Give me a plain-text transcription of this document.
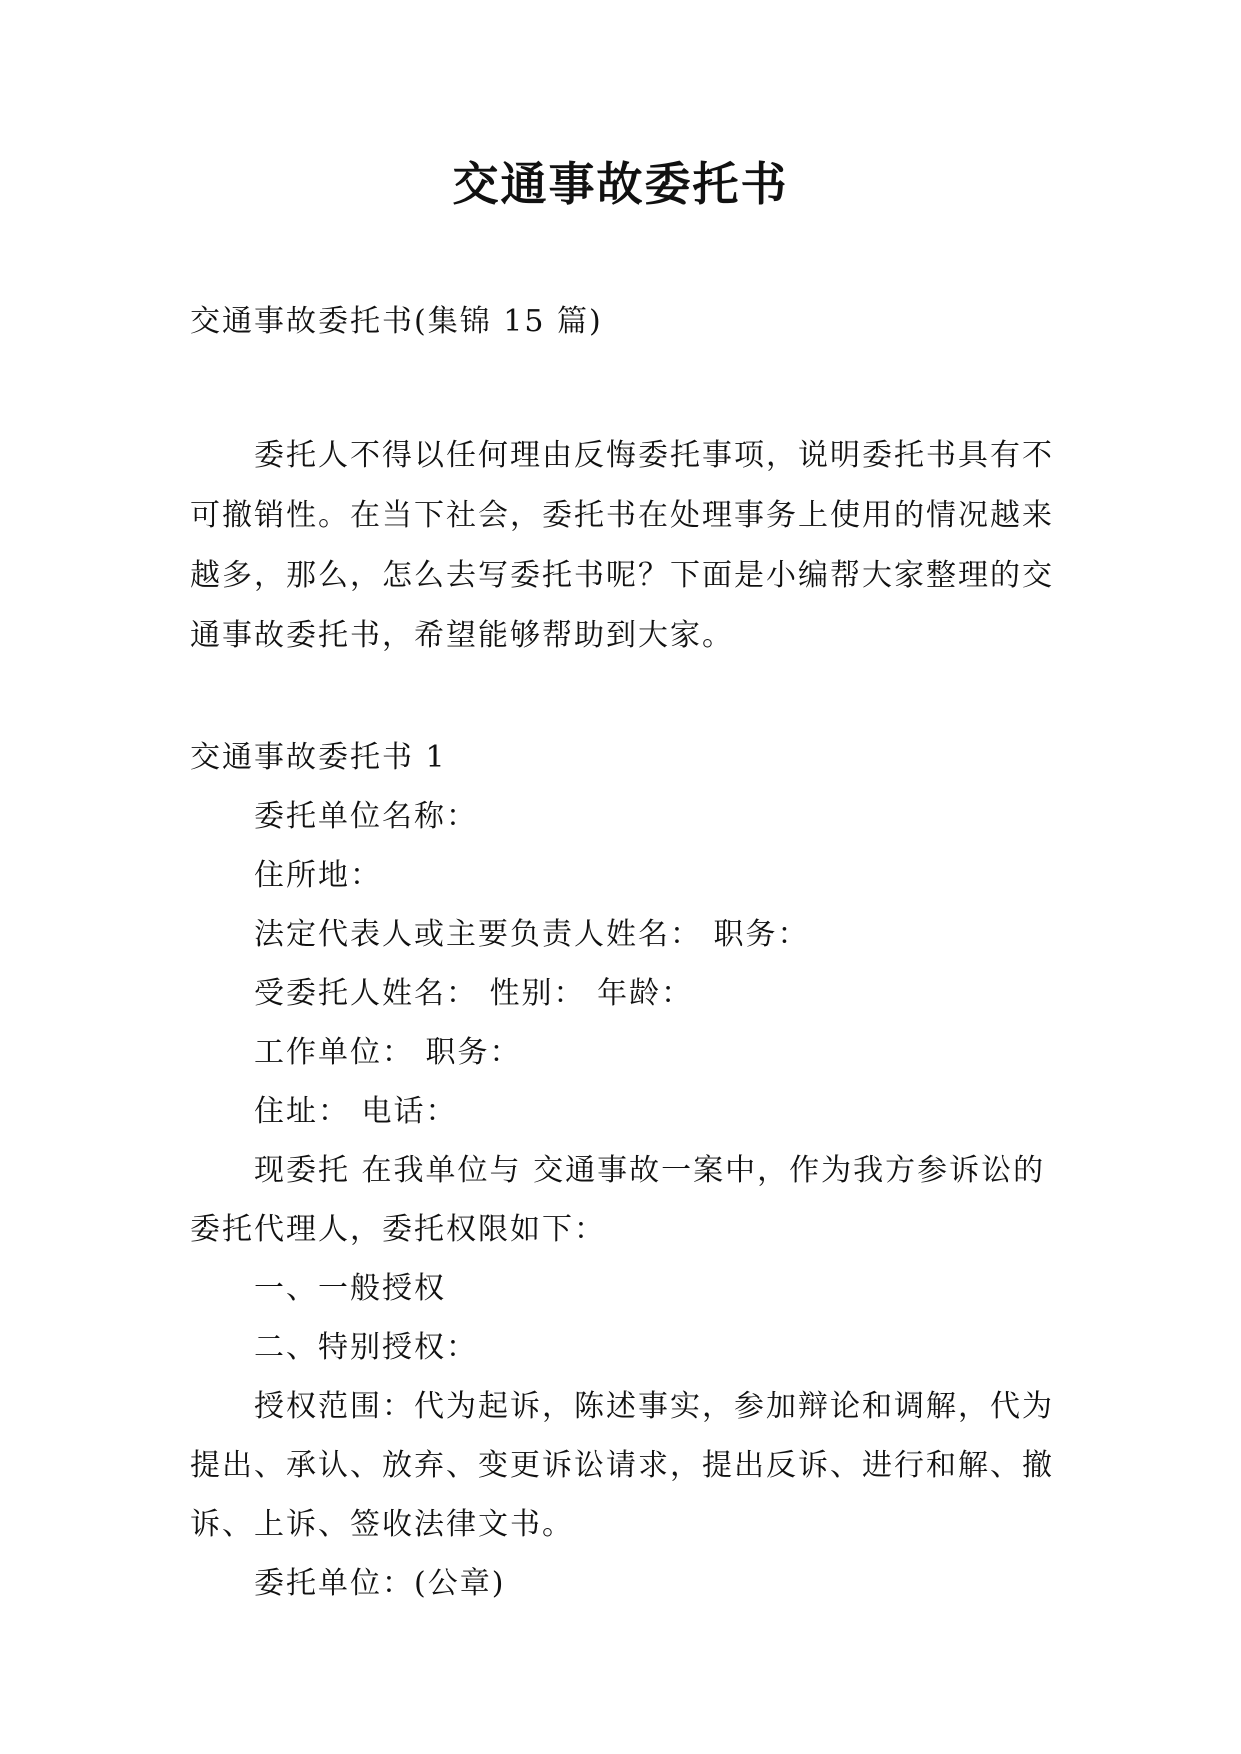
交通事故委托书

交通事故委托书(集锦 15 篇)

委托人不得以任何理由反悔委托事项，说明委托书具有不可撤销性。在当下社会，委托书在处理事务上使用的情况越来越多，那么，怎么去写委托书呢？下面是小编帮大家整理的交通事故委托书，希望能够帮助到大家。

交通事故委托书 1

委托单位名称：

住所地：

法定代表人或主要负责人姓名： 职务：

受委托人姓名： 性别： 年龄：

工作单位： 职务：

住址： 电话：

现委托 在我单位与 交通事故一案中，作为我方参诉讼的委托代理人，委托权限如下：

一、一般授权

二、特别授权：

授权范围：代为起诉，陈述事实，参加辩论和调解，代为提出、承认、放弃、变更诉讼请求，提出反诉、进行和解、撤诉、上诉、签收法律文书。

委托单位：(公章)
